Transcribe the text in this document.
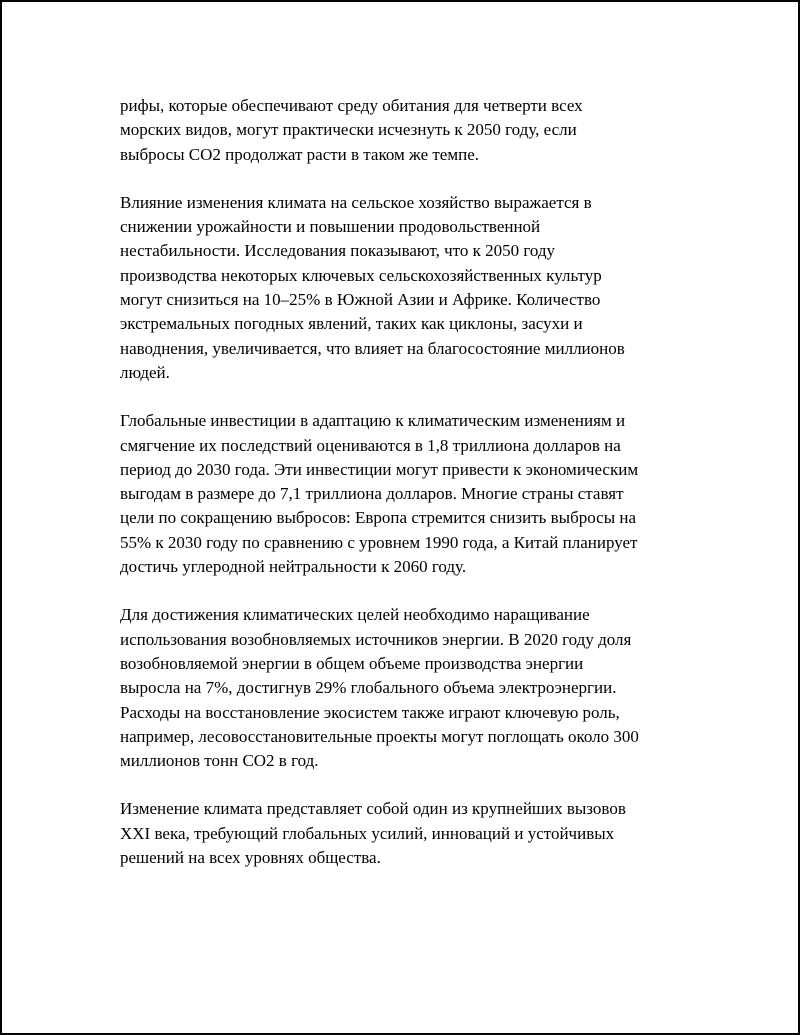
рифы, которые обеспечивают среду обитания для четверти всех
морских видов, могут практически исчезнуть к 2050 году, если
выбросы CO2 продолжат расти в таком же темпе.

Влияние изменения климата на сельское хозяйство выражается в
снижении урожайности и повышении продовольственной
нестабильности. Исследования показывают, что к 2050 году
производства некоторых ключевых сельскохозяйственных культур
могут снизиться на 10–25% в Южной Азии и Африке. Количество
экстремальных погодных явлений, таких как циклоны, засухи и
наводнения, увеличивается, что влияет на благосостояние миллионов
людей.

Глобальные инвестиции в адаптацию к климатическим изменениям и
смягчение их последствий оцениваются в 1,8 триллиона долларов на
период до 2030 года. Эти инвестиции могут привести к экономическим
выгодам в размере до 7,1 триллиона долларов. Многие страны ставят
цели по сокращению выбросов: Европа стремится снизить выбросы на
55% к 2030 году по сравнению с уровнем 1990 года, а Китай планирует
достичь углеродной нейтральности к 2060 году.

Для достижения климатических целей необходимо наращивание
использования возобновляемых источников энергии. В 2020 году доля
возобновляемой энергии в общем объеме производства энергии
выросла на 7%, достигнув 29% глобального объема электроэнергии.
Расходы на восстановление экосистем также играют ключевую роль,
например, лесовосстановительные проекты могут поглощать около 300
миллионов тонн CO2 в год.

Изменение климата представляет собой один из крупнейших вызовов
XXI века, требующий глобальных усилий, инноваций и устойчивых
решений на всех уровнях общества.
